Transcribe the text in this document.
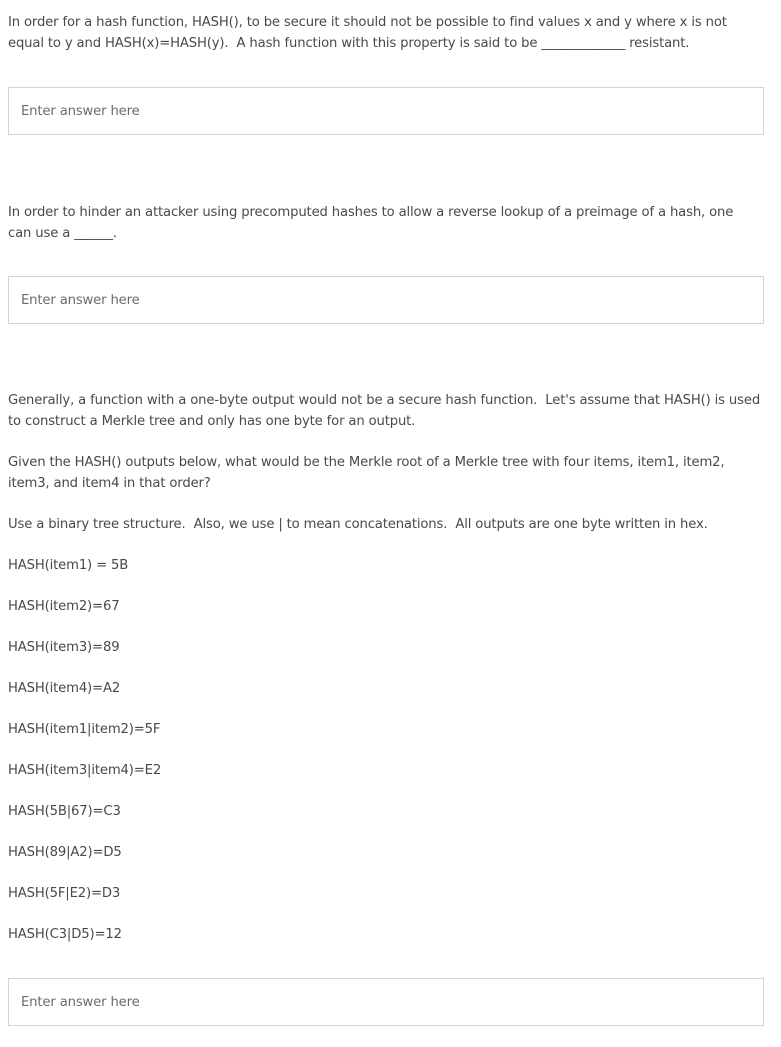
In order for a hash function, HASH(), to be secure it should not be possible to find values x and y where x is not

equal to y and HASH(x)=HASH(y).  A hash function with this property is said to be _____________ resistant.

Enter answer here

In order to hinder an attacker using precomputed hashes to allow a reverse lookup of a preimage of a hash, one

can use a ______.

Enter answer here

Generally, a function with a one-byte output would not be a secure hash function.  Let's assume that HASH() is used

to construct a Merkle tree and only has one byte for an output.

Given the HASH() outputs below, what would be the Merkle root of a Merkle tree with four items, item1, item2,

item3, and item4 in that order?

Use a binary tree structure.  Also, we use | to mean concatenations.  All outputs are one byte written in hex.

HASH(item1) = 5B
HASH(item2)=67
HASH(item3)=89
HASH(item4)=A2
HASH(item1|item2)=5F
HASH(item3|item4)=E2
HASH(5B|67)=C3
HASH(89|A2)=D5
HASH(5F|E2)=D3
HASH(C3|D5)=12
Enter answer here
